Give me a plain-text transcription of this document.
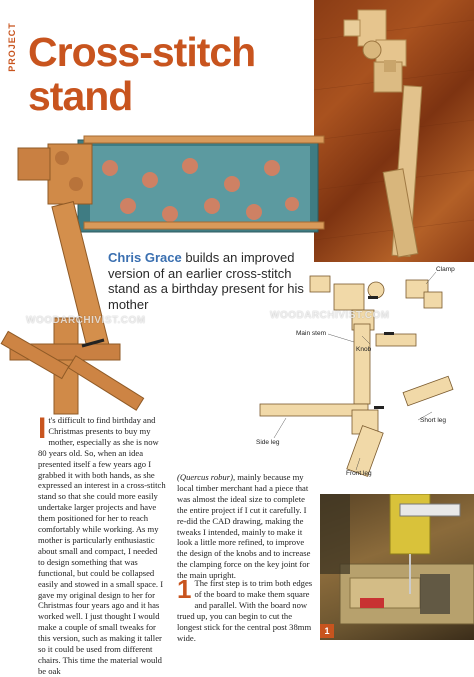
PROJECT Cross-stitch
stand
WOODARCHIVIST.COM
Chris Grace builds an improved version of an earlier cross-stitch stand as a birthday present for his mother
Clamp
Main stem
Knob
Short leg
Side leg
Front leg
WOODARCHIVIST.COM
It's difficult to find birthday and Christmas presents to buy my mother, especially as she is now 80 years old. So, when an idea presented itself a few years ago I grabbed it with both hands, as she expressed an interest in a cross-stitch stand so that she could more easily undertake larger projects and have them positioned for her to reach comfortably while working. As my mother is particularly enthusiastic about small and compact, I needed to design something that was functional, but could be collapsed easily and stowed in a small space. I gave my original design to her for Christmas four years ago and it has worked well. I just thought I would make a couple of small tweaks for this version, such as making it taller so it could be used from different chairs. This time the material would be oak
(Quercus robur), mainly because my local timber merchant had a piece that was almost the ideal size to complete the entire project if I cut it carefully. I re-did the CAD drawing, making the tweaks I intended, mainly to make it look a little more refined, to improve the design of the knobs and to increase the clamping force on the key joint for the main upright.
1 The first step is to trim both edges of the board to make them square and parallel. With the board now trued up, you can begin to cut the longest stick for the central post 38mm wide.
1
